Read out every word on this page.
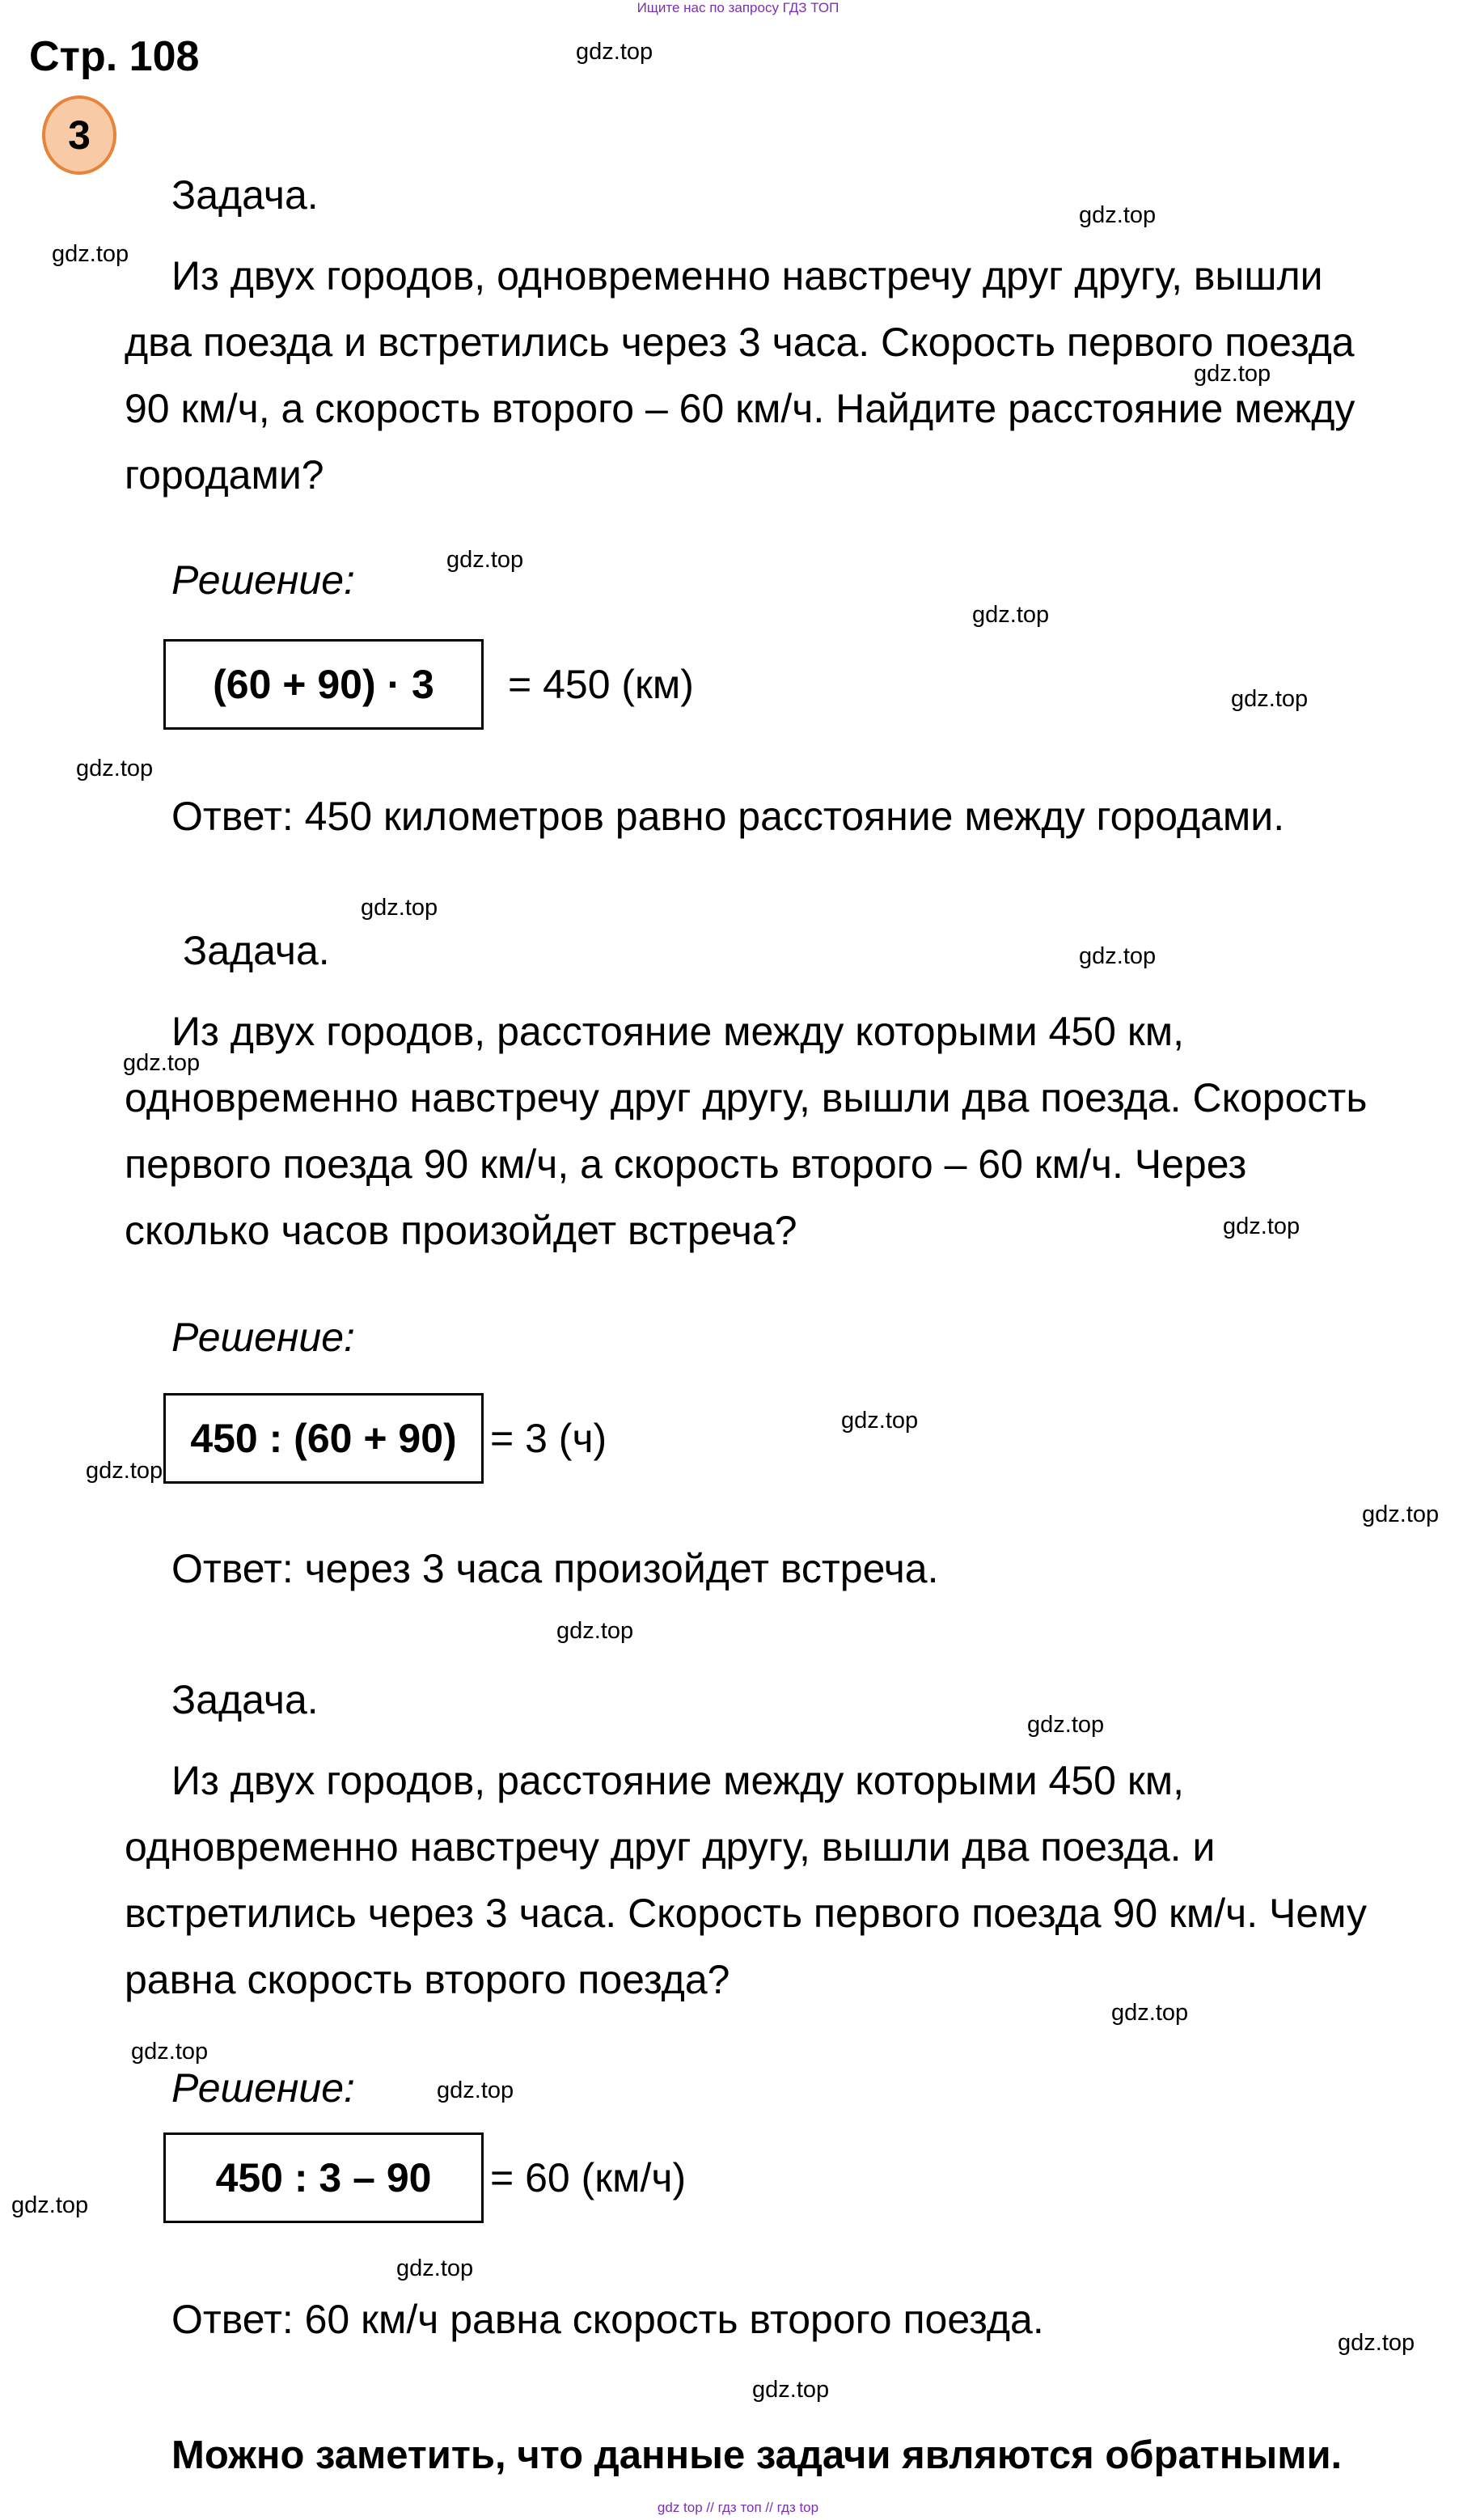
Ищите нас по запросу ГДЗ ТОП
Стр. 108
3
Задача.
Из двух городов, одновременно навстречу друг другу, вышли
два поезда и встретились через 3 часа. Скорость первого поезда
90 км/ч, а скорость второго – 60 км/ч. Найдите расстояние между
городами?
Решение:
(60 + 90) · 3	= 450 (км)
Ответ: 450 километров равно расстояние между городами.
Задача.
Из двух городов, расстояние между которыми 450 км,
одновременно навстречу друг другу, вышли два поезда. Скорость
первого поезда 90 км/ч, а скорость второго – 60 км/ч. Через
сколько часов произойдет встреча?
Решение:
450 : (60 + 90) = 3 (ч)
Ответ: через 3 часа произойдет встреча.
Задача.
Из двух городов, расстояние между которыми 450 км,
одновременно навстречу друг другу, вышли два поезда. и
встретились через 3 часа. Скорость первого поезда 90 км/ч. Чему
равна скорость второго поезда?
Решение:
450 : 3 – 90	= 60 (км/ч)
Ответ: 60 км/ч равна скорость второго поезда.
Можно заметить, что данные задачи являются обратными.
gdz top // гдз топ // гдз top
gdz.top
gdz.top
gdz.top
gdz.top
gdz.top
gdz.top
gdz.top
gdz.top
gdz.top
gdz.top
gdz.top
gdz.top
gdz.top
gdz.top
gdz.top
gdz.top
gdz.top
gdz.top
gdz.top
gdz.top
gdz.top
gdz.top
gdz.top
gdz.top
